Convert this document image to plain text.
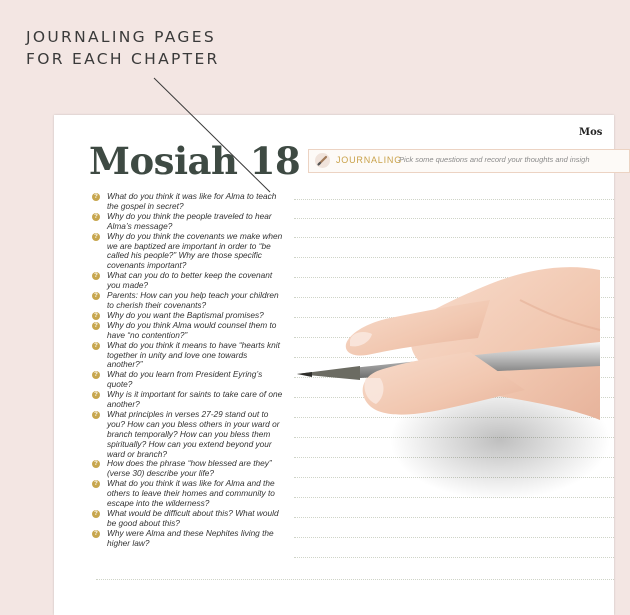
JOURNALING PAGES
FOR EACH CHAPTER
Mosiah 18
Mos
JOURNALING
Pick some questions and record your thoughts and insigh
? What do you think it was like for Alma to teach the gospel in secret?
? Why do you think the people traveled to hear Alma’s message?
? Why do you think the covenants we make when we are baptized are important in order to “be called his people?” Why are those specific covenants important?
? What can you do to better keep the covenant you made?
? Parents: How can you help teach your children to cherish their covenants?
? Why do you want the Baptismal promises?
? Why do you think Alma would counsel them to have “no contention?”
? What do you think it means to have “hearts knit together in unity and love one towards another?”
? What do you learn from President Eyring’s quote?
? Why is it important for saints to take care of one another?
? What principles in verses 27-29 stand out to you? How can you bless others in your ward or branch temporally? How can you bless them spiritually? How can you extend beyond your ward or branch?
? How does the phrase “how blessed are they” (verse 30) describe your life?
? What do you think it was like for Alma and the others to leave their homes and community to escape into the wilderness?
? What would be difficult about this? What would be good about this?
? Why were Alma and these Nephites living the higher law?
